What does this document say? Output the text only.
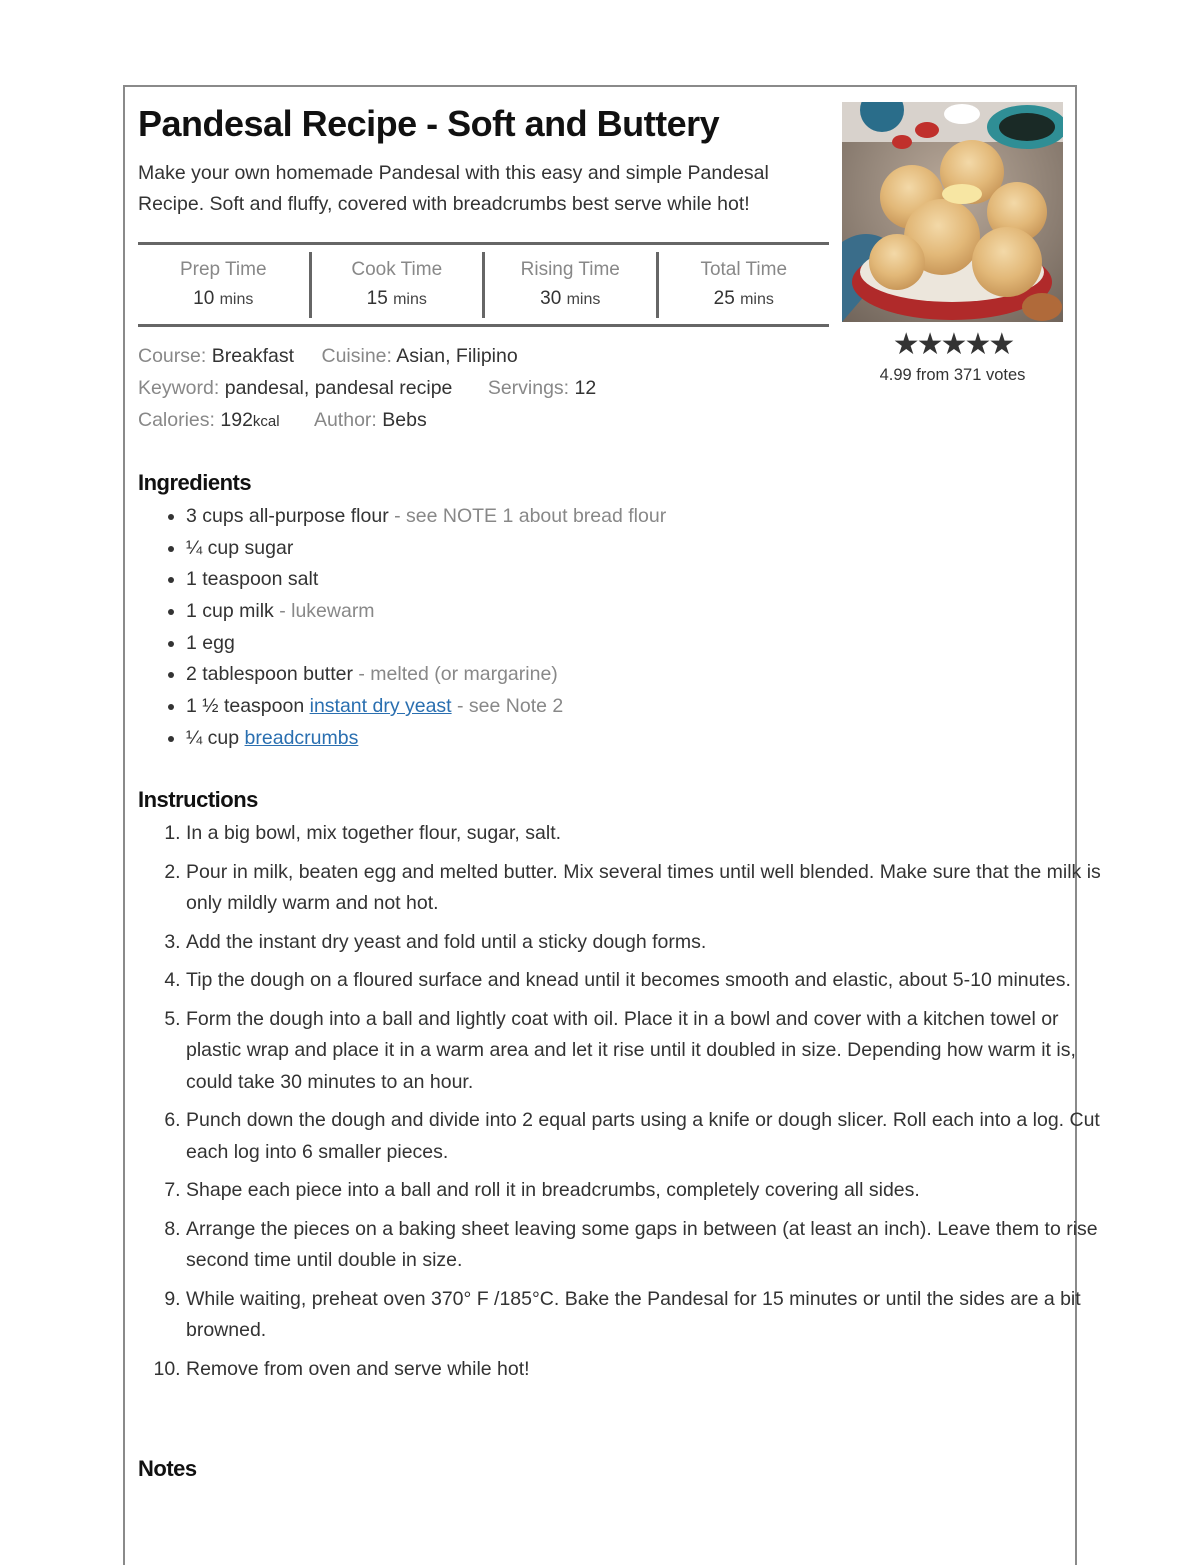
Pandesal Recipe - Soft and Buttery

Make your own homemade Pandesal with this easy and simple Pandesal Recipe. Soft and fluffy, covered with breadcrumbs best serve while hot!

Prep Time
10 mins
Cook Time
15 mins
Rising Time
30 mins
Total Time
25 mins
Course: Breakfast Cuisine: Asian, Filipino
Keyword: pandesal, pandesal recipe Servings: 12
Calories: 192kcal Author: Bebs
★★★★★
4.99 from 371 votes
Ingredients
• 3 cups all-purpose flour - see NOTE 1 about bread flour
• ¼ cup sugar
• 1 teaspoon salt
• 1 cup milk - lukewarm
• 1 egg
• 2 tablespoon butter - melted (or margarine)
• 1 ½ teaspoon instant dry yeast - see Note 2
• ¼ cup breadcrumbs
Instructions
1. In a big bowl, mix together flour, sugar, salt.
2. Pour in milk, beaten egg and melted butter. Mix several times until well blended. Make sure that the milk is only mildly warm and not hot.
3. Add the instant dry yeast and fold until a sticky dough forms.
4. Tip the dough on a floured surface and knead until it becomes smooth and elastic, about 5-10 minutes.
5. Form the dough into a ball and lightly coat with oil. Place it in a bowl and cover with a kitchen towel or plastic wrap and place it in a warm area and let it rise until it doubled in size. Depending how warm it is, could take 30 minutes to an hour.
6. Punch down the dough and divide into 2 equal parts using a knife or dough slicer. Roll each into a log. Cut each log into 6 smaller pieces.
7. Shape each piece into a ball and roll it in breadcrumbs, completely covering all sides.
8. Arrange the pieces on a baking sheet leaving some gaps in between (at least an inch). Leave them to rise second time until double in size.
9. While waiting, preheat oven 370° F /185°C. Bake the Pandesal for 15 minutes or until the sides are a bit browned.
10. Remove from oven and serve while hot!
Notes
